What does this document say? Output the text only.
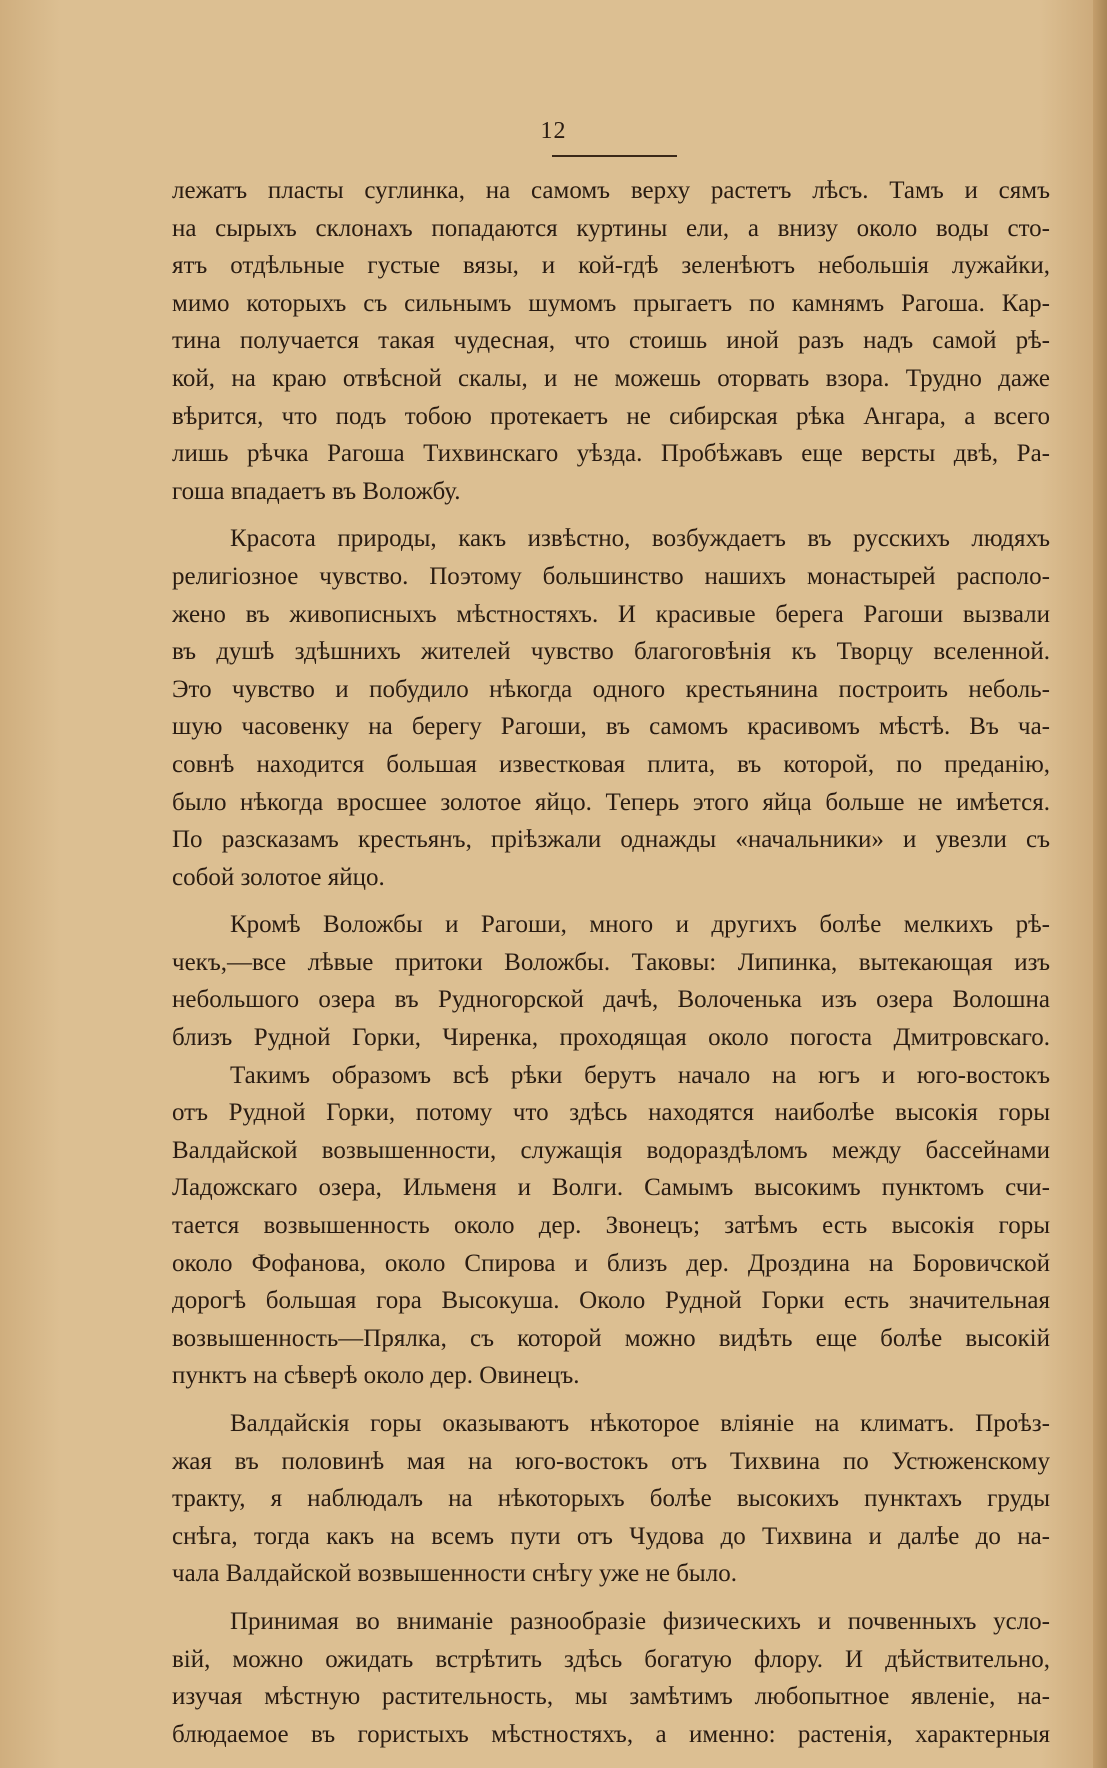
12

лежатъ пласты суглинка, на самомъ верху растетъ лѣсъ. Тамъ и сямъ
на сырыхъ склонахъ попадаются куртины ели, а внизу около воды сто-
ятъ отдѣльные густые вязы, и кой-гдѣ зеленѣютъ небольшія лужайки,
мимо которыхъ съ сильнымъ шумомъ прыгаетъ по камнямъ Рагоша. Кар-
тина получается такая чудесная, что стоишь иной разъ надъ самой рѣ-
кой, на краю отвѣсной скалы, и не можешь оторвать взора. Трудно даже
вѣрится, что подъ тобою протекаетъ не сибирская рѣка Ангара, а всего
лишь рѣчка Рагоша Тихвинскаго уѣзда. Пробѣжавъ еще версты двѣ, Ра-
гоша впадаетъ въ Воложбу.

Красота природы, какъ извѣстно, возбуждаетъ въ русскихъ людяхъ
религіозное чувство. Поэтому большинство нашихъ монастырей располо-
жено въ живописныхъ мѣстностяхъ. И красивые берега Рагоши вызвали
въ душѣ здѣшнихъ жителей чувство благоговѣнія къ Творцу вселенной.
Это чувство и побудило нѣкогда одного крестьянина построить неболь-
шую часовенку на берегу Рагоши, въ самомъ красивомъ мѣстѣ. Въ ча-
совнѣ находится большая известковая плита, въ которой, по преданію,
было нѣкогда вросшее золотое яйцо. Теперь этого яйца больше не имѣется.
По разсказамъ крестьянъ, пріѣзжали однажды «начальники» и увезли съ
собой золотое яйцо.

Кромѣ Воложбы и Рагоши, много и другихъ болѣе мелкихъ рѣ-
чекъ,—все лѣвые притоки Воложбы. Таковы: Липинка, вытекающая изъ
небольшого озера въ Рудногорской дачѣ, Волоченька изъ озера Волошна
близъ Рудной Горки, Чиренка, проходящая около погоста Дмитровскаго.

Такимъ образомъ всѣ рѣки берутъ начало на югъ и юго-востокъ
отъ Рудной Горки, потому что здѣсь находятся наиболѣе высокія горы
Валдайской возвышенности, служащія водораздѣломъ между бассейнами
Ладожскаго озера, Ильменя и Волги. Самымъ высокимъ пунктомъ счи-
тается возвышенность около дер. Звонецъ; затѣмъ есть высокія горы
около Фофанова, около Спирова и близъ дер. Дроздина на Боровичской
дорогѣ большая гора Высокуша. Около Рудной Горки есть значительная
возвышенность—Прялка, съ которой можно видѣть еще болѣе высокій
пунктъ на сѣверѣ около дер. Овинецъ.

Валдайскія горы оказываютъ нѣкоторое вліяніе на климатъ. Проѣз-
жая въ половинѣ мая на юго-востокъ отъ Тихвина по Устюженскому
тракту, я наблюдалъ на нѣкоторыхъ болѣе высокихъ пунктахъ груды
снѣга, тогда какъ на всемъ пути отъ Чудова до Тихвина и далѣе до на-
чала Валдайской возвышенности снѣгу уже не было.

Принимая во вниманіе разнообразіе физическихъ и почвенныхъ усло-
вій, можно ожидать встрѣтить здѣсь богатую флору. И дѣйствительно,
изучая мѣстную растительность, мы замѣтимъ любопытное явленіе, на-
блюдаемое въ гористыхъ мѣстностяхъ, а именно: растенія, характерныя
